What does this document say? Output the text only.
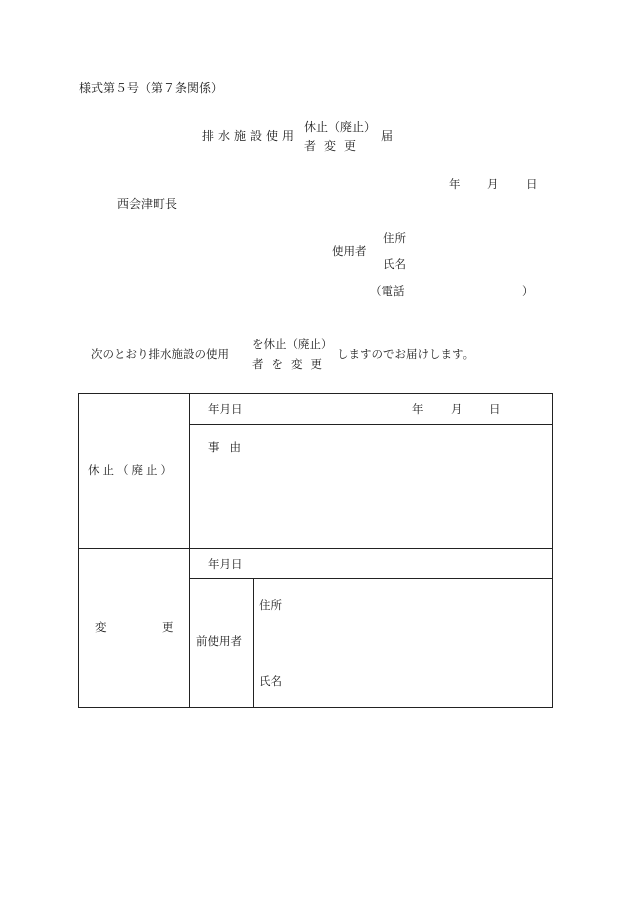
様式第５号（第７条関係）
排水施設使用
休止（廃止）
者変更
届
年 月 日
西会津町長
使用者
住所
氏名
（電話	）
次のとおり排水施設の使用
を休止（廃止）
者を変更
しますのでお届けします。
休止（廃止）	年月日 年 月 日	

	事由	

変 更	年月日	

	前使用者	住所
氏名
